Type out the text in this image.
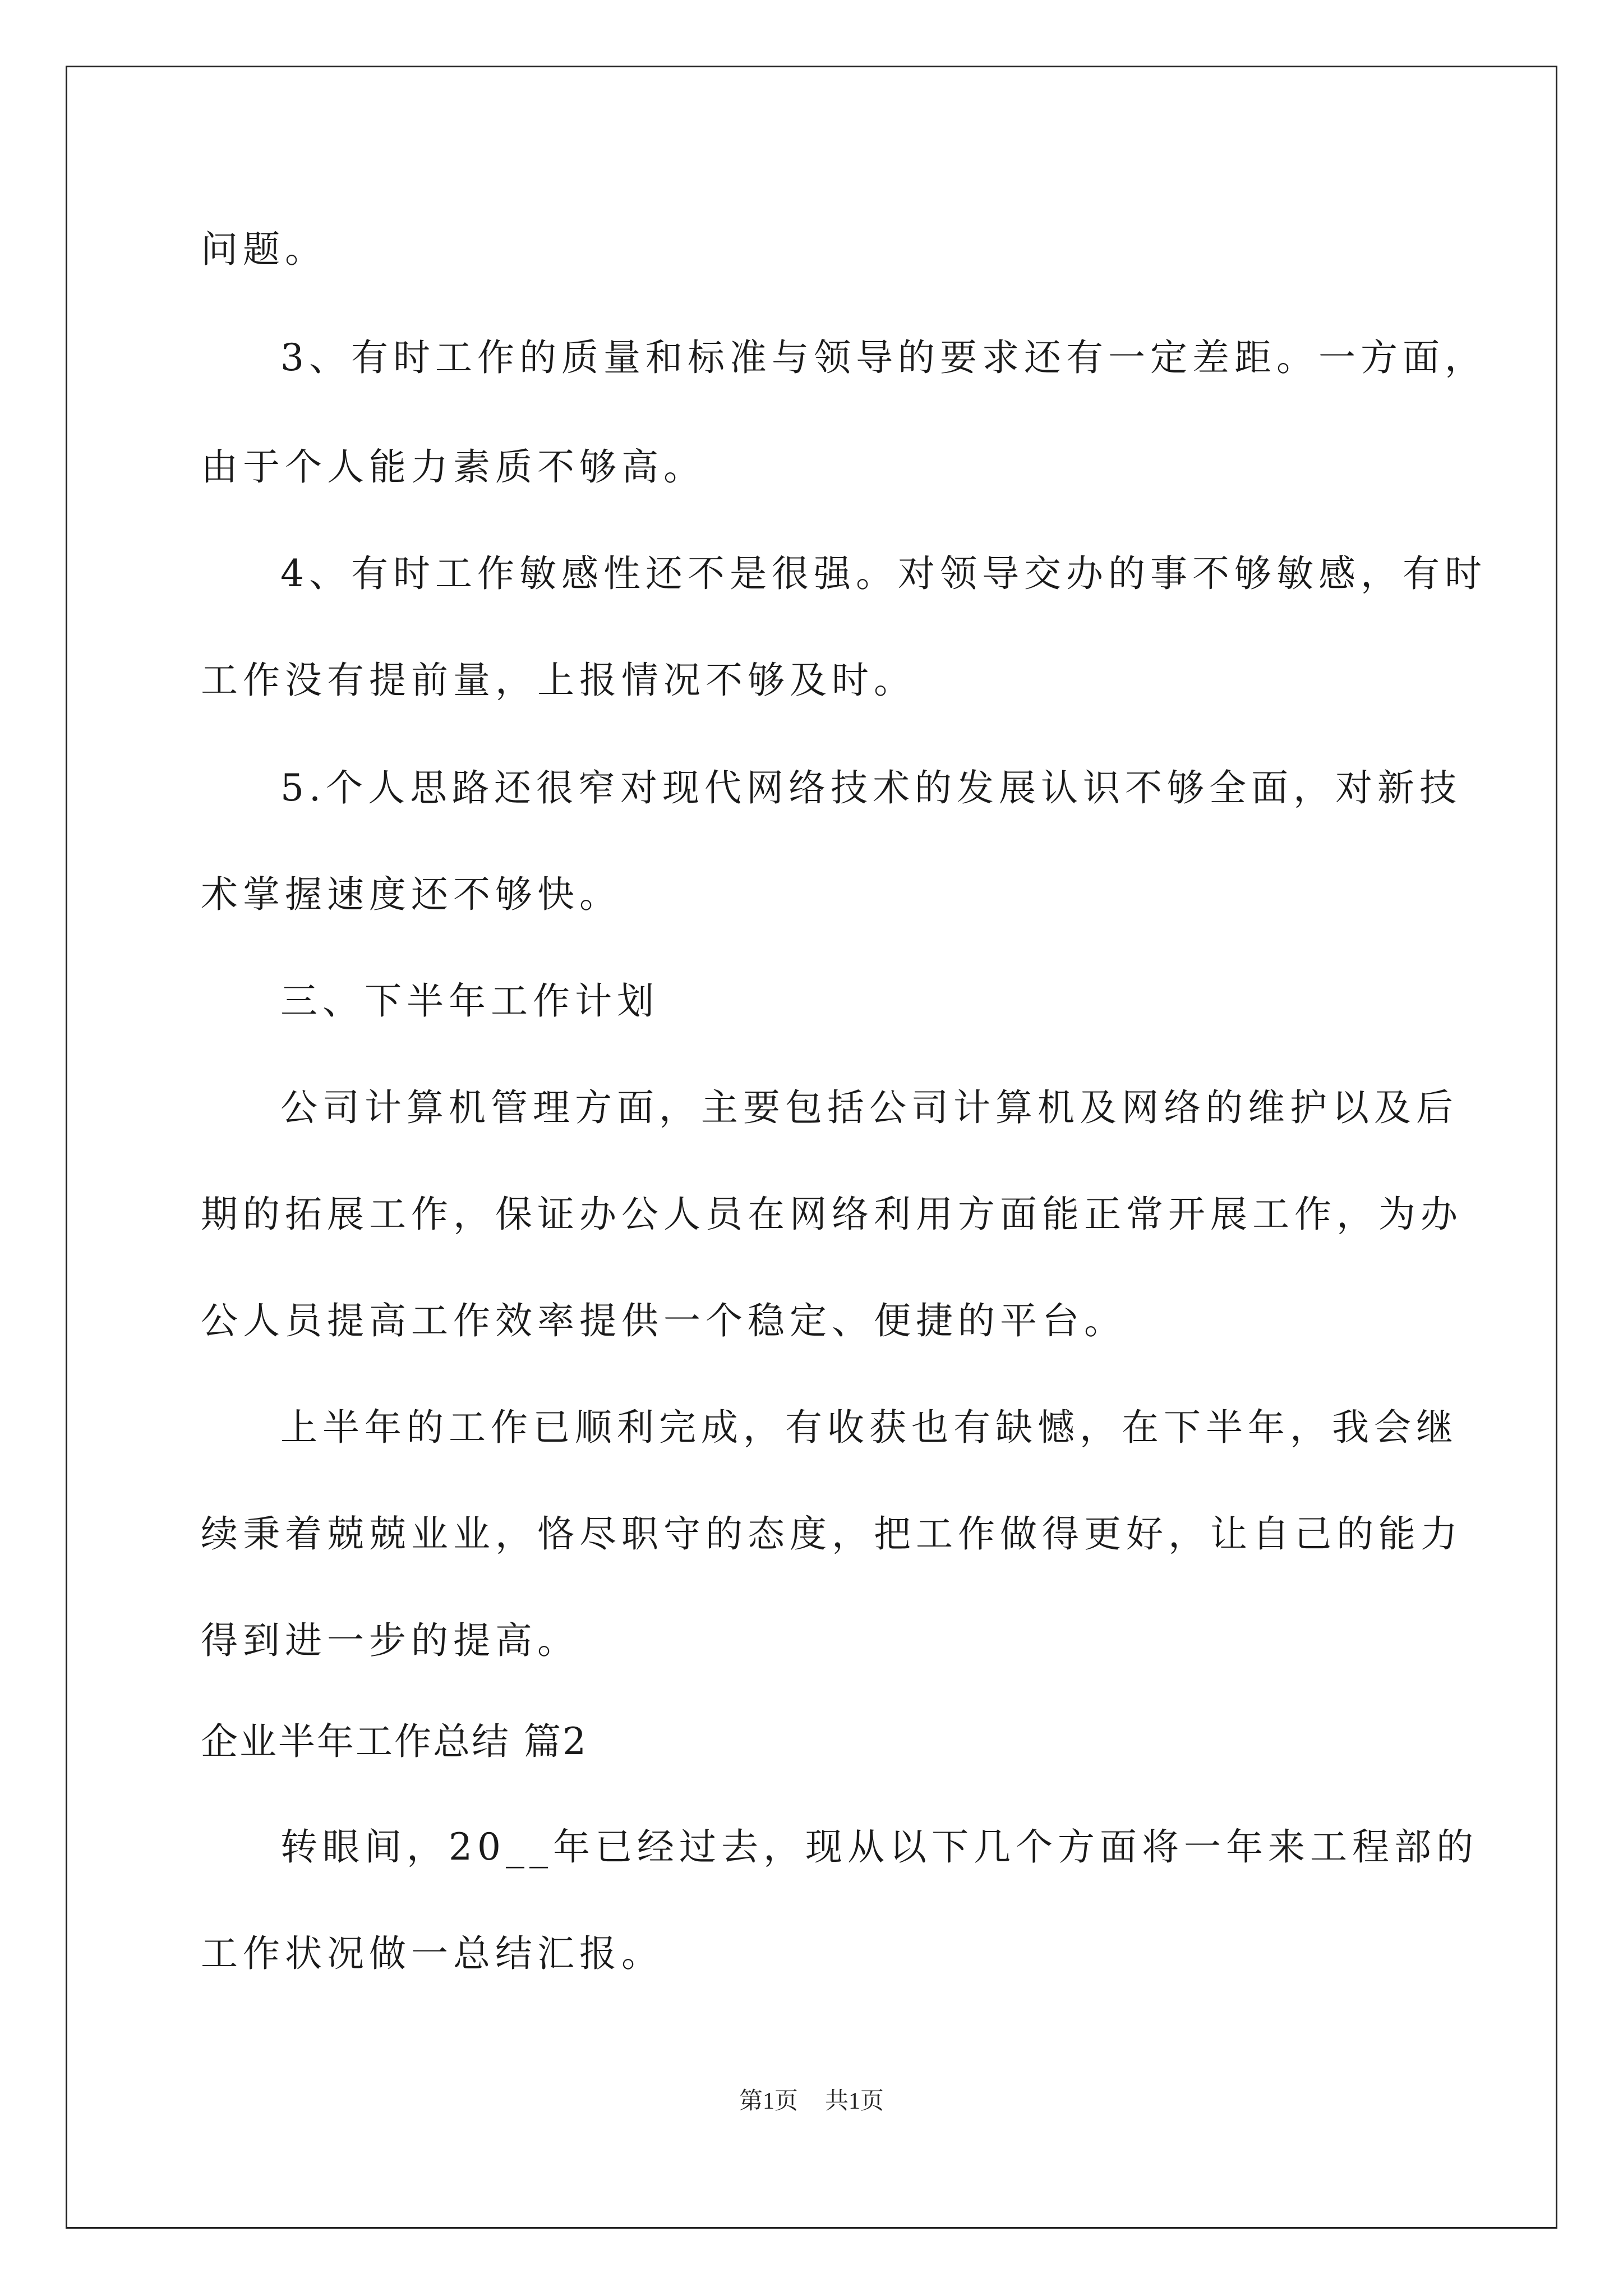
问题。
3、有时工作的质量和标准与领导的要求还有一定差距。一方面，
由于个人能力素质不够高。
4、有时工作敏感性还不是很强。对领导交办的事不够敏感，有时
工作没有提前量，上报情况不够及时。
5.个人思路还很窄对现代网络技术的发展认识不够全面，对新技
术掌握速度还不够快。
三、下半年工作计划
公司计算机管理方面，主要包括公司计算机及网络的维护以及后
期的拓展工作，保证办公人员在网络利用方面能正常开展工作，为办
公人员提高工作效率提供一个稳定、便捷的平台。
上半年的工作已顺利完成，有收获也有缺憾，在下半年，我会继
续秉着兢兢业业，恪尽职守的态度，把工作做得更好，让自己的能力
得到进一步的提高。
企业半年工作总结 篇2
转眼间，20__年已经过去，现从以下几个方面将一年来工程部的
工作状况做一总结汇报。
第1页 共1页
